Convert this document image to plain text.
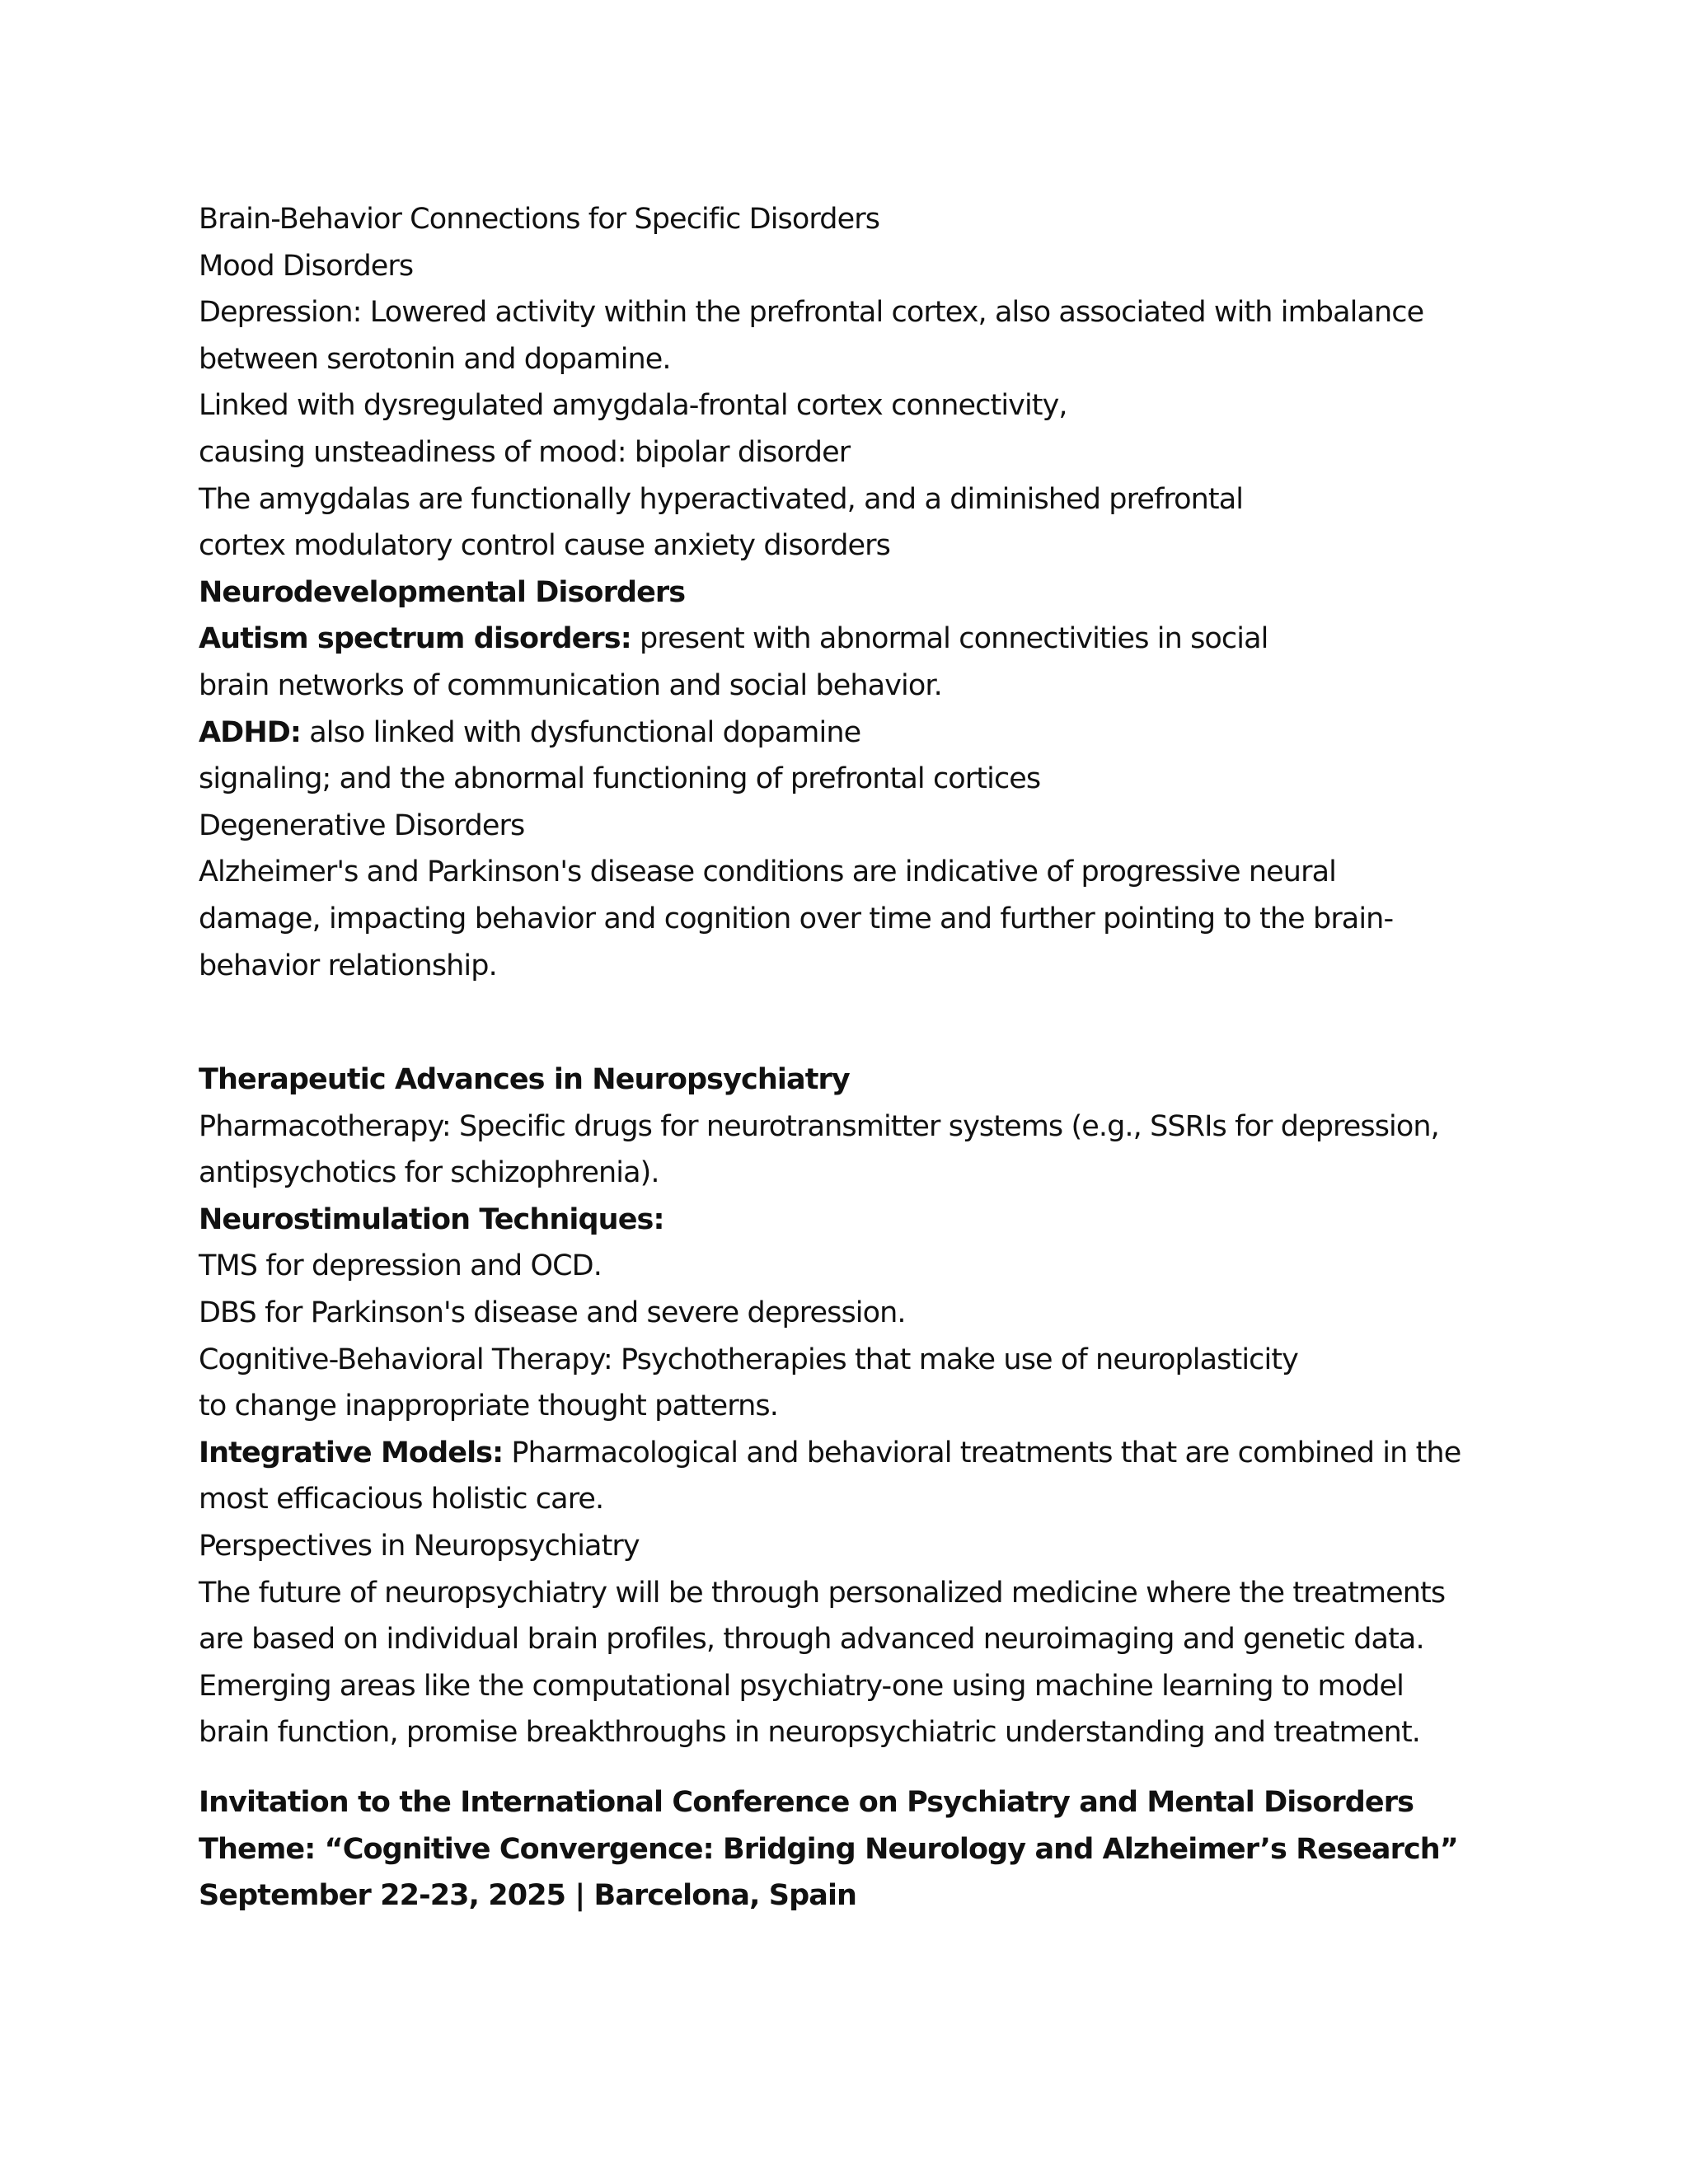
Brain-Behavior Connections for Specific Disorders
Mood Disorders
Depression: Lowered activity within the prefrontal cortex, also associated with imbalance
between serotonin and dopamine.
Linked with dysregulated amygdala-frontal cortex connectivity,
causing unsteadiness of mood: bipolar disorder
The amygdalas are functionally hyperactivated, and a diminished prefrontal
cortex modulatory control cause anxiety disorders
Neurodevelopmental Disorders
Autism spectrum disorders: present with abnormal connectivities in social
brain networks of communication and social behavior.
ADHD: also linked with dysfunctional dopamine
signaling; and the abnormal functioning of prefrontal cortices
Degenerative Disorders
Alzheimer's and Parkinson's disease conditions are indicative of progressive neural
damage, impacting behavior and cognition over time and further pointing to the brain-
behavior relationship.
Therapeutic Advances in Neuropsychiatry
Pharmacotherapy: Specific drugs for neurotransmitter systems (e.g., SSRIs for depression,
antipsychotics for schizophrenia).
Neurostimulation Techniques:
TMS for depression and OCD.
DBS for Parkinson's disease and severe depression.
Cognitive-Behavioral Therapy: Psychotherapies that make use of neuroplasticity
to change inappropriate thought patterns.
Integrative Models: Pharmacological and behavioral treatments that are combined in the
most efficacious holistic care.
Perspectives in Neuropsychiatry
The future of neuropsychiatry will be through personalized medicine where the treatments
are based on individual brain profiles, through advanced neuroimaging and genetic data.
Emerging areas like the computational psychiatry-one using machine learning to model
brain function, promise breakthroughs in neuropsychiatric understanding and treatment.
Invitation to the International Conference on Psychiatry and Mental Disorders
Theme: “Cognitive Convergence: Bridging Neurology and Alzheimer’s Research”
September 22-23, 2025 | Barcelona, Spain
